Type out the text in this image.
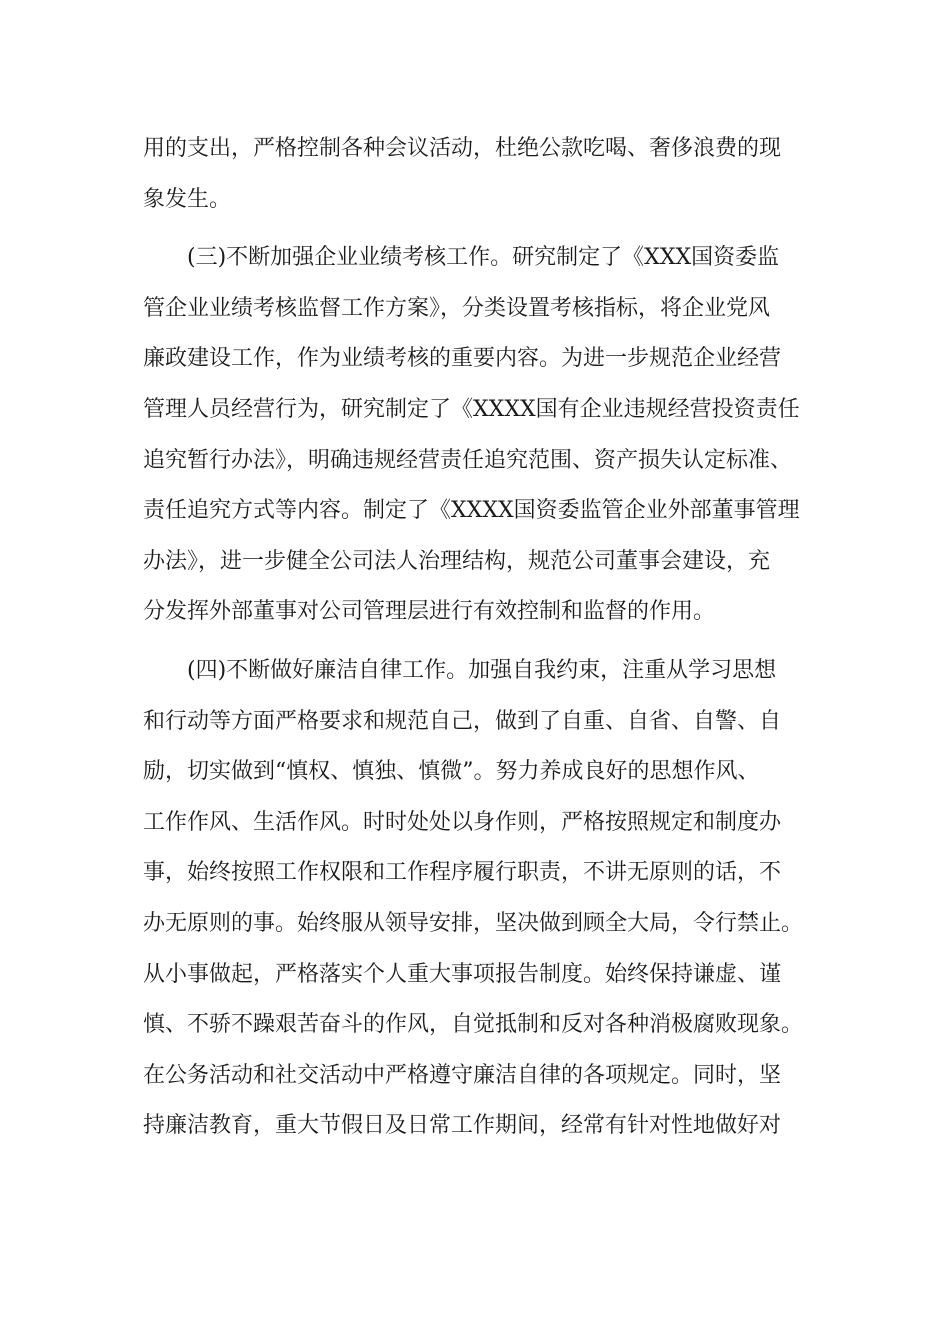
用的支出，严格控制各种会议活动，杜绝公款吃喝、奢侈浪费的现
象发生。
(三)不断加强企业业绩考核工作。研究制定了《XXX国资委监
管企业业绩考核监督工作方案》，分类设置考核指标，将企业党风
廉政建设工作，作为业绩考核的重要内容。为进一步规范企业经营
管理人员经营行为，研究制定了《XXXX国有企业违规经营投资责任
追究暂行办法》，明确违规经营责任追究范围、资产损失认定标准、
责任追究方式等内容。制定了《XXXX国资委监管企业外部董事管理
办法》，进一步健全公司法人治理结构，规范公司董事会建设，充
分发挥外部董事对公司管理层进行有效控制和监督的作用。
(四)不断做好廉洁自律工作。加强自我约束，注重从学习思想
和行动等方面严格要求和规范自己，做到了自重、自省、自警、自
励，切实做到“慎权、慎独、慎微”。努力养成良好的思想作风、
工作作风、生活作风。时时处处以身作则，严格按照规定和制度办
事，始终按照工作权限和工作程序履行职责，不讲无原则的话，不
办无原则的事。始终服从领导安排，坚决做到顾全大局，令行禁止。
从小事做起，严格落实个人重大事项报告制度。始终保持谦虚、谨
慎、不骄不躁艰苦奋斗的作风，自觉抵制和反对各种消极腐败现象。
在公务活动和社交活动中严格遵守廉洁自律的各项规定。同时，坚
持廉洁教育，重大节假日及日常工作期间，经常有针对性地做好对
